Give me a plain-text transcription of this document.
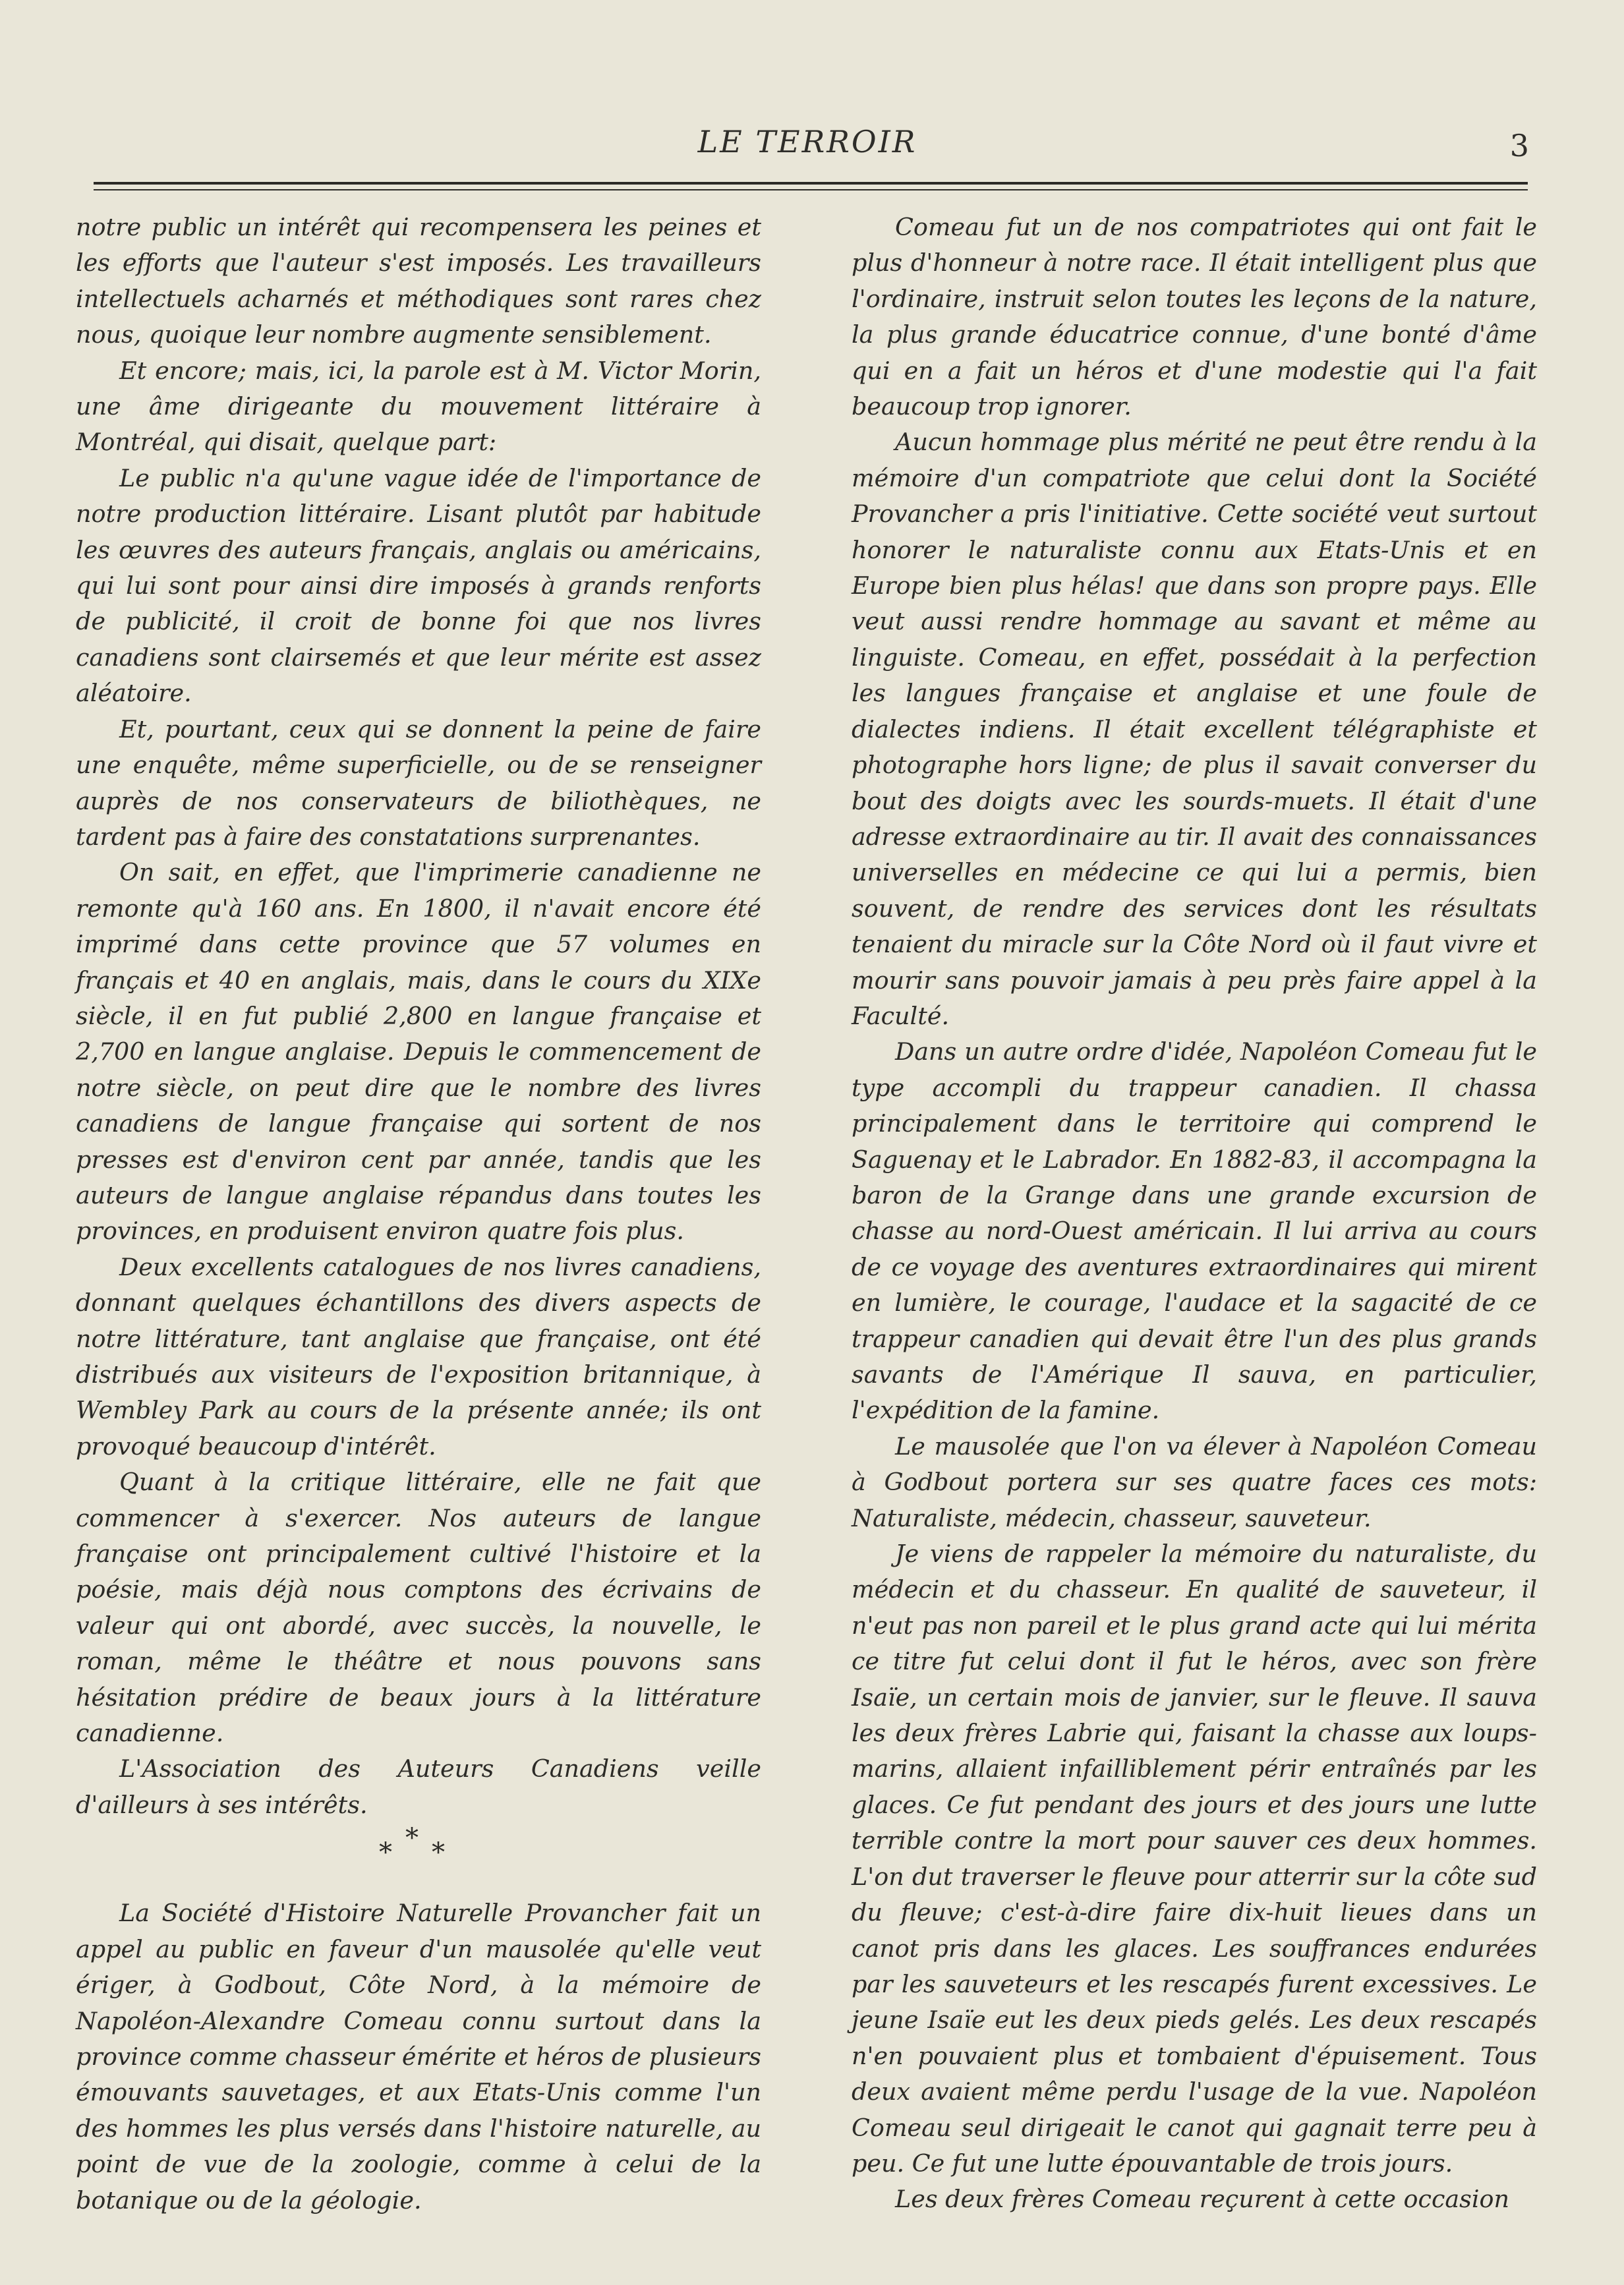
LE TERROIR	3

notre public un intérêt qui recompensera les peines et les efforts que l'auteur s'est imposés. Les travailleurs intellectuels acharnés et méthodiques sont rares chez nous, quoique leur nombre augmente sensiblement.

Et encore; mais, ici, la parole est à M. Victor Morin, une âme dirigeante du mouvement littéraire à Montréal, qui disait, quelque part:

Le public n'a qu'une vague idée de l'importance de notre production littéraire. Lisant plutôt par habitude les œuvres des auteurs français, anglais ou américains, qui lui sont pour ainsi dire imposés à grands renforts de publicité, il croit de bonne foi que nos livres canadiens sont clairsemés et que leur mérite est assez aléatoire.

Et, pourtant, ceux qui se donnent la peine de faire une enquête, même superficielle, ou de se renseigner auprès de nos conservateurs de biliothèques, ne tardent pas à faire des constatations surprenantes.

On sait, en effet, que l'imprimerie canadienne ne remonte qu'à 160 ans. En 1800, il n'avait encore été imprimé dans cette province que 57 volumes en français et 40 en anglais, mais, dans le cours du XIXe siècle, il en fut publié 2,800 en langue française et 2,700 en langue anglaise. Depuis le commencement de notre siècle, on peut dire que le nombre des livres canadiens de langue française qui sortent de nos presses est d'environ cent par année, tandis que les auteurs de langue anglaise répandus dans toutes les provinces, en produisent environ quatre fois plus.

Deux excellents catalogues de nos livres canadiens, donnant quelques échantillons des divers aspects de notre littérature, tant anglaise que française, ont été distribués aux visiteurs de l'exposition britannique, à Wembley Park au cours de la présente année; ils ont provoqué beaucoup d'intérêt.

Quant à la critique littéraire, elle ne fait que commencer à s'exercer. Nos auteurs de langue française ont principalement cultivé l'histoire et la poésie, mais déjà nous comptons des écrivains de valeur qui ont abordé, avec succès, la nouvelle, le roman, même le théâtre et nous pouvons sans hésitation prédire de beaux jours à la littérature canadienne.

L'Association des Auteurs Canadiens veille d'ailleurs à ses intérêts.

* * *

La Société d'Histoire Naturelle Provancher fait un appel au public en faveur d'un mausolée qu'elle veut ériger, à Godbout, Côte Nord, à la mémoire de Napoléon-Alexandre Comeau connu surtout dans la province comme chasseur émérite et héros de plusieurs émouvants sauvetages, et aux Etats-Unis comme l'un des hommes les plus versés dans l'histoire naturelle, au point de vue de la zoologie, comme à celui de la botanique ou de la géologie.

Comeau fut un de nos compatriotes qui ont fait le plus d'honneur à notre race. Il était intelligent plus que l'ordinaire, instruit selon toutes les leçons de la nature, la plus grande éducatrice connue, d'une bonté d'âme qui en a fait un héros et d'une modestie qui l'a fait beaucoup trop ignorer.

Aucun hommage plus mérité ne peut être rendu à la mémoire d'un compatriote que celui dont la Société Provancher a pris l'initiative. Cette société veut surtout honorer le naturaliste connu aux Etats-Unis et en Europe bien plus hélas! que dans son propre pays. Elle veut aussi rendre hommage au savant et même au linguiste. Comeau, en effet, possédait à la perfection les langues française et anglaise et une foule de dialectes indiens. Il était excellent télégraphiste et photographe hors ligne; de plus il savait converser du bout des doigts avec les sourds-muets. Il était d'une adresse extraordinaire au tir. Il avait des connaissances universelles en médecine ce qui lui a permis, bien souvent, de rendre des services dont les résultats tenaient du miracle sur la Côte Nord où il faut vivre et mourir sans pouvoir jamais à peu près faire appel à la Faculté.

Dans un autre ordre d'idée, Napoléon Comeau fut le type accompli du trappeur canadien. Il chassa principalement dans le territoire qui comprend le Saguenay et le Labrador. En 1882-83, il accompagna la baron de la Grange dans une grande excursion de chasse au nord-Ouest américain. Il lui arriva au cours de ce voyage des aventures extraordinaires qui mirent en lumière, le courage, l'audace et la sagacité de ce trappeur canadien qui devait être l'un des plus grands savants de l'Amérique Il sauva, en particulier, l'expédition de la famine.

Le mausolée que l'on va élever à Napoléon Comeau à Godbout portera sur ses quatre faces ces mots: Naturaliste, médecin, chasseur, sauveteur.

Je viens de rappeler la mémoire du naturaliste, du médecin et du chasseur. En qualité de sauveteur, il n'eut pas non pareil et le plus grand acte qui lui mérita ce titre fut celui dont il fut le héros, avec son frère Isaïe, un certain mois de janvier, sur le fleuve. Il sauva les deux frères Labrie qui, faisant la chasse aux loups-marins, allaient infailliblement périr entraînés par les glaces. Ce fut pendant des jours et des jours une lutte terrible contre la mort pour sauver ces deux hommes. L'on dut traverser le fleuve pour atterrir sur la côte sud du fleuve; c'est-à-dire faire dix-huit lieues dans un canot pris dans les glaces. Les souffrances endurées par les sauveteurs et les rescapés furent excessives. Le jeune Isaïe eut les deux pieds gelés. Les deux rescapés n'en pouvaient plus et tombaient d'épuisement. Tous deux avaient même perdu l'usage de la vue. Napoléon Comeau seul dirigeait le canot qui gagnait terre peu à peu. Ce fut une lutte épouvantable de trois jours.

Les deux frères Comeau reçurent à cette occasion
